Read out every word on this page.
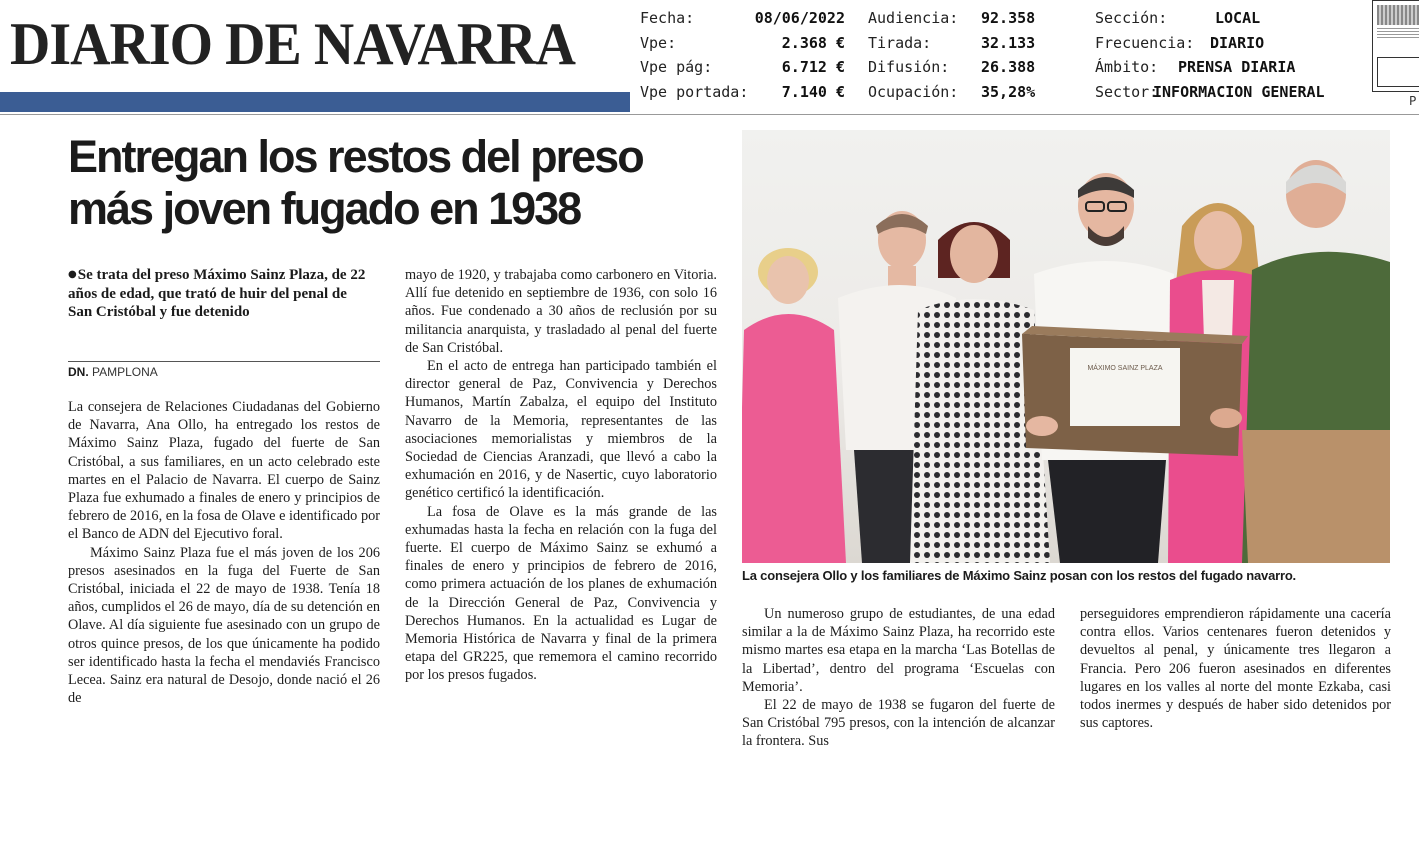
DIARIO DE NAVARRA	Fecha:	08/06/2022
Vpe:	2.368 €
Vpe pág:	6.712 €
Vpe portada:	7.140 €
Audiencia:	92.358
Tirada:	32.133
Difusión:	26.388
Ocupación:	35,28%
Sección:	LOCAL
Frecuencia:	DIARIO
Ámbito:	PRENSA DIARIA
Sector:
INFORMACION GENERAL
P
Entregan los restos del preso
más joven fugado en 1938
●Se trata del preso Máximo Sainz Plaza, de 22 años de edad, que trató de huir del penal de San Cristóbal y fue detenido
DN. PAMPLONA

La consejera de Relaciones Ciudadanas del Gobierno de Navarra, Ana Ollo, ha entregado los restos de Máximo Sainz Plaza, fugado del fuerte de San Cristóbal, a sus familiares, en un acto celebrado este martes en el Palacio de Navarra. El cuerpo de Sainz Plaza fue exhumado a finales de enero y principios de febrero de 2016, en la fosa de Olave e identificado por el Banco de ADN del Ejecutivo foral.

Máximo Sainz Plaza fue el más joven de los 206 presos asesinados en la fuga del Fuerte de San Cristóbal, iniciada el 22 de mayo de 1938. Tenía 18 años, cumplidos el 26 de mayo, día de su detención en Olave. Al día siguiente fue asesinado con un grupo de otros quince presos, de los que únicamente ha podido ser identificado hasta la fecha el mendaviés Francisco Lecea. Sainz era natural de Desojo, donde nació el 26 de

mayo de 1920, y trabajaba como carbonero en Vitoria. Allí fue detenido en septiembre de 1936, con solo 16 años. Fue condenado a 30 años de reclusión por su militancia anarquista, y trasladado al penal del fuerte de San Cristóbal.

En el acto de entrega han participado también el director general de Paz, Convivencia y Derechos Humanos, Martín Zabalza, el equipo del Instituto Navarro de la Memoria, representantes de las asociaciones memorialistas y miembros de la Sociedad de Ciencias Aranzadi, que llevó a cabo la exhumación en 2016, y de Nasertic, cuyo laboratorio genético certificó la identificación.

La fosa de Olave es la más grande de las exhumadas hasta la fecha en relación con la fuga del fuerte. El cuerpo de Máximo Sainz se exhumó a finales de enero y principios de febrero de 2016, como primera actuación de los planes de exhumación de la Dirección General de Paz, Convivencia y Derechos Humanos. En la actualidad es Lugar de Memoria Histórica de Navarra y final de la primera etapa del GR225, que rememora el camino recorrido por los presos fugados.

Un numeroso grupo de estudiantes, de una edad similar a la de Máximo Sainz Plaza, ha recorrido este mismo martes esa etapa en la marcha ‘Las Botellas de la Libertad’, dentro del programa ‘Escuelas con Memoria’.

El 22 de mayo de 1938 se fugaron del fuerte de San Cristóbal 795 presos, con la intención de alcanzar la frontera. Sus

perseguidores emprendieron rápidamente una cacería contra ellos. Varios centenares fueron detenidos y devueltos al penal, y únicamente tres llegaron a Francia. Pero 206 fueron asesinados en diferentes lugares en los valles al norte del monte Ezkaba, casi todos inermes y después de haber sido detenidos por sus captores.

MÁXIMO SAINZ PLAZA
La consejera Ollo y los familiares de Máximo Sainz posan con los restos del fugado navarro.
